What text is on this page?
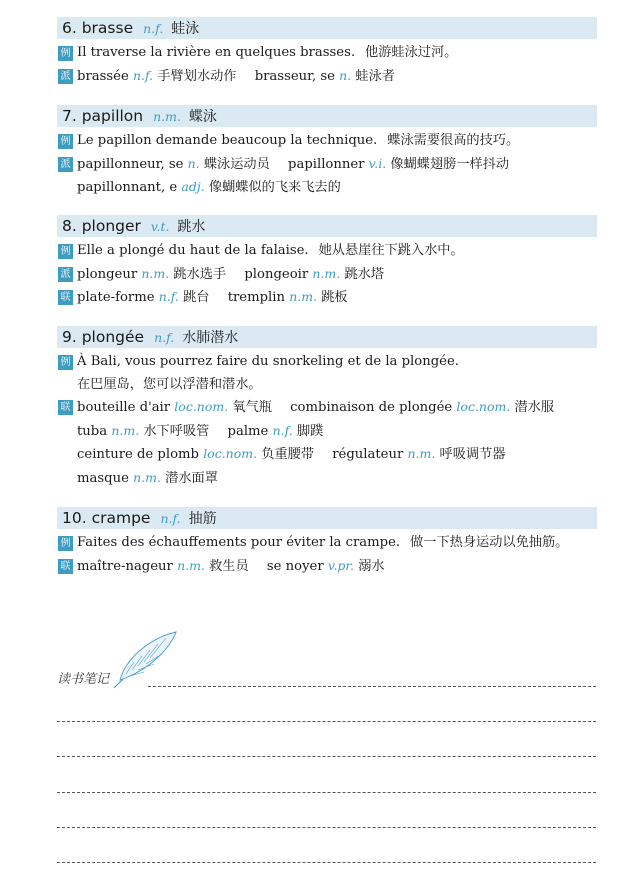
6. brasse n.f. 蛙泳
例 Il traverse la rivière en quelques brasses. 他游蛙泳过河。
派 brassée n.f. 手臂划水动作 brasseur, se n. 蛙泳者
7. papillon n.m. 蝶泳
例 Le papillon demande beaucoup la technique. 蝶泳需要很高的技巧。
派 papillonneur, se n. 蝶泳运动员 papillonner v.i. 像蝴蝶翅膀一样抖动
papillonnant, e adj. 像蝴蝶似的飞来飞去的
8. plonger v.t. 跳水
例 Elle a plongé du haut de la falaise. 她从悬崖往下跳入水中。
派 plongeur n.m. 跳水选手 plongeoir n.m. 跳水塔
联 plate-forme n.f. 跳台 tremplin n.m. 跳板
9. plongée n.f. 水肺潜水
例 À Bali, vous pourrez faire du snorkeling et de la plongée.
在巴厘岛，您可以浮潜和潜水。
联 bouteille d'air loc.nom. 氧气瓶 combinaison de plongée loc.nom. 潜水服
tuba n.m. 水下呼吸管 palme n.f. 脚蹼
ceinture de plomb loc.nom. 负重腰带 régulateur n.m. 呼吸调节器
masque n.m. 潜水面罩
10. crampe n.f. 抽筋
例 Faites des échauffements pour éviter la crampe. 做一下热身运动以免抽筋。
联 maître-nageur n.m. 救生员 se noyer v.pr. 溺水
读书笔记
